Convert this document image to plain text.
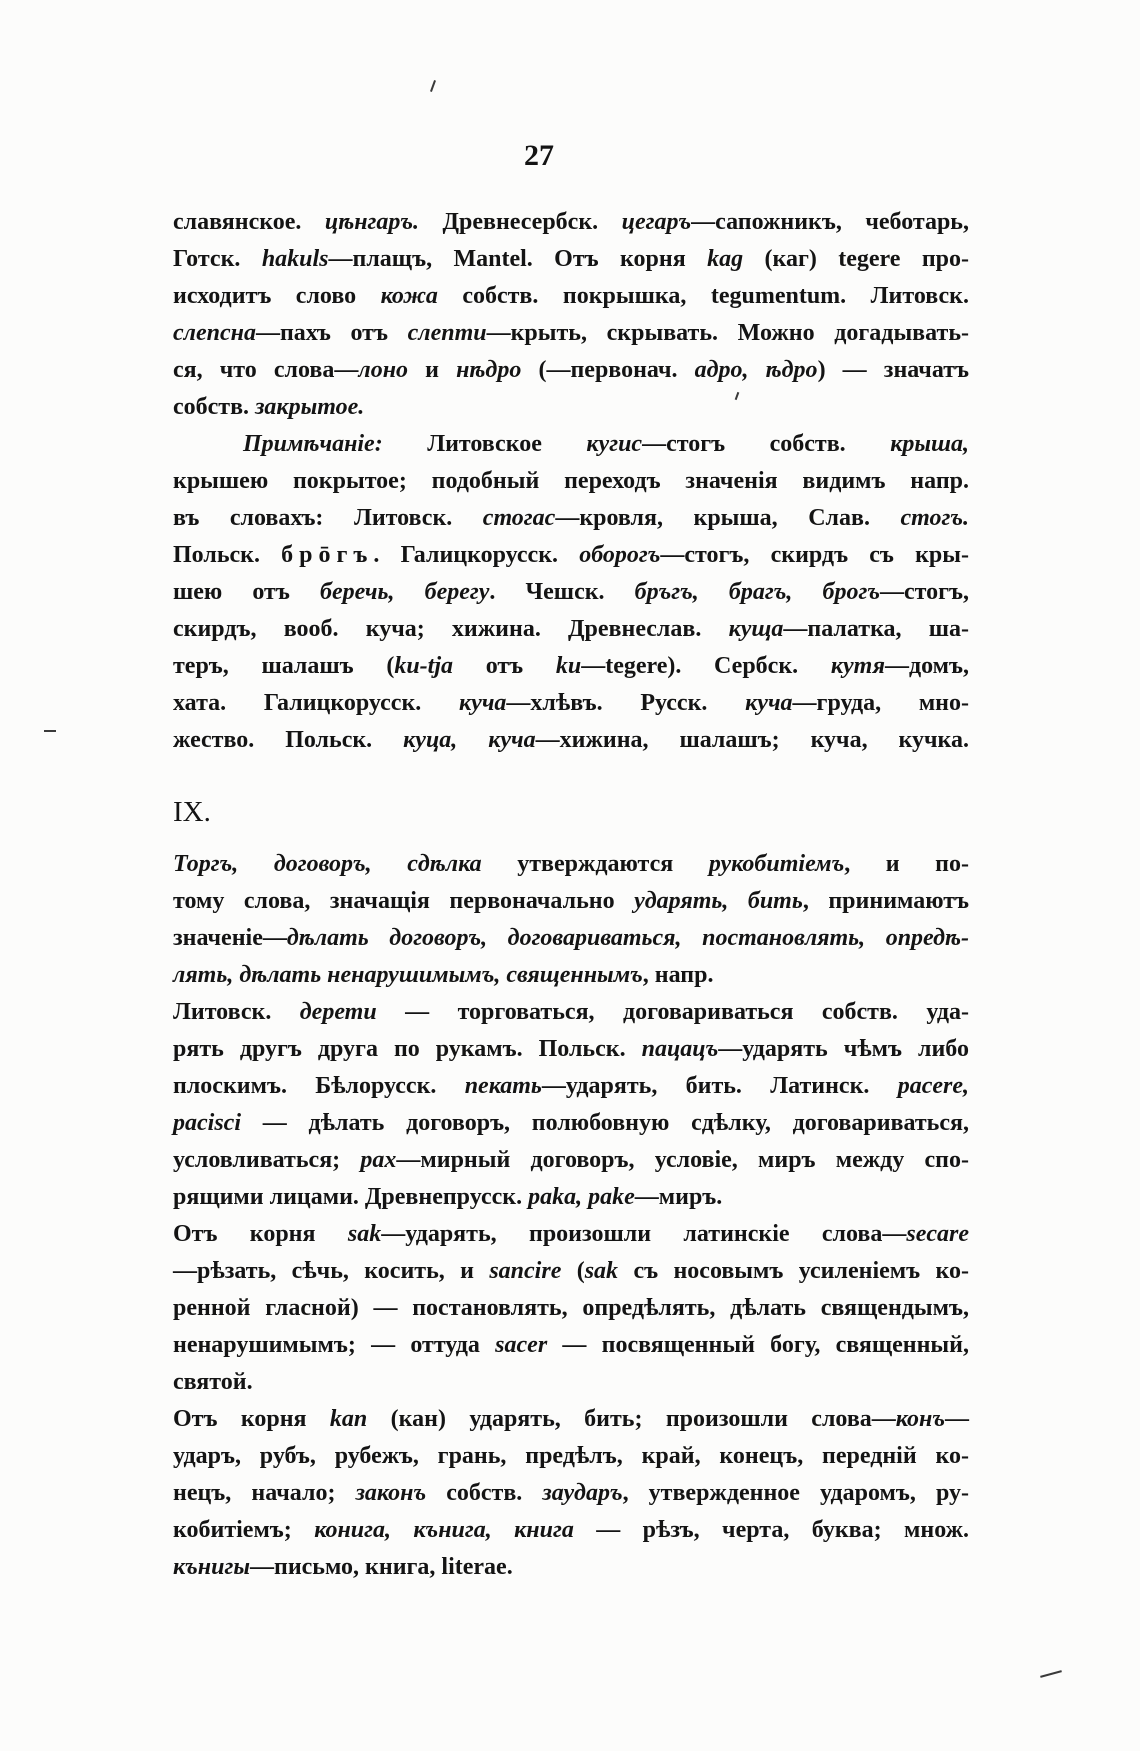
27
славянское. цѣнгаръ. Древнесербск. цегаръ—сапожникъ, чеботарь,
Готск. hakuls—плащъ, Mantel. Отъ корня kag (каг) tegere про-
исходитъ слово кожа собств. покрышка, tegumentum. Литовск.
слепсна—пахъ отъ слепти—крыть, скрывать. Можно догадывать-
ся, что слова—лоно и нѣдро (—первонач. адро, ѣдро) — значатъ
собств. закрытое.
Примѣчаніе: Литовское кугис—стогъ собств. крыша,
крышею покрытое; подобный переходъ значенія видимъ напр.
въ словахъ: Литовск. стогас—кровля, крыша, Слав. стогъ.
Польск. брōгъ. Галицкорусск. оборогъ—стогъ, скирдъ съ кры-
шею отъ беречь, берегу. Чешск. бръгъ, брагъ, брогъ—стогъ,
скирдъ, вооб. куча; хижина. Древнеслав. куща—палатка, ша-
теръ, шалашъ (ku-tja отъ ku—tegere). Сербск. кутя—домъ,
хата. Галицкорусск. куча—хлѣвъ. Русск. куча—груда, мно-
жество. Польск. куца, куча—хижина, шалашъ; куча, кучка.
IX.
Торгъ, договоръ, сдѣлка утверждаются рукобитіемъ, и по-
тому слова, значащія первоначально ударять, бить, принимаютъ
значеніе—дѣлать договоръ, договариваться, постановлять, опредѣ-
лять, дѣлать ненарушимымъ, священнымъ, напр.
Литовск. дерети — торговаться, договариваться собств. уда-
рять другъ друга по рукамъ. Польск. пацацъ—ударять чѣмъ либо
плоскимъ. Бѣлорусск. пекать—ударять, бить. Латинск. pacere,
pacisci — дѣлать договоръ, полюбовную сдѣлку, договариваться,
условливаться; pax—мирный договоръ, условіе, миръ между спо-
рящими лицами. Древнепрусск. paka, pake—миръ.
Отъ корня sak—ударять, произошли латинскіе слова—secare
—рѣзать, сѣчь, косить, и sancire (sak съ носовымъ усиленіемъ ко-
ренной гласной) — постановлять, опредѣлять, дѣлать священдымъ,
ненарушимымъ; — оттуда sacer — посвященный богу, священный,
святой.
Отъ корня kan (кан) ударять, бить; произошли слова—конъ—
ударъ, рубъ, рубежъ, грань, предѣлъ, край, конецъ, передній ко-
нецъ, начало; законъ собств. заударъ, утвержденное ударомъ, ру-
кобитіемъ; конига, кънига, книга — рѣзъ, черта, буква; множ.
кънигы—письмо, книга, literae.
